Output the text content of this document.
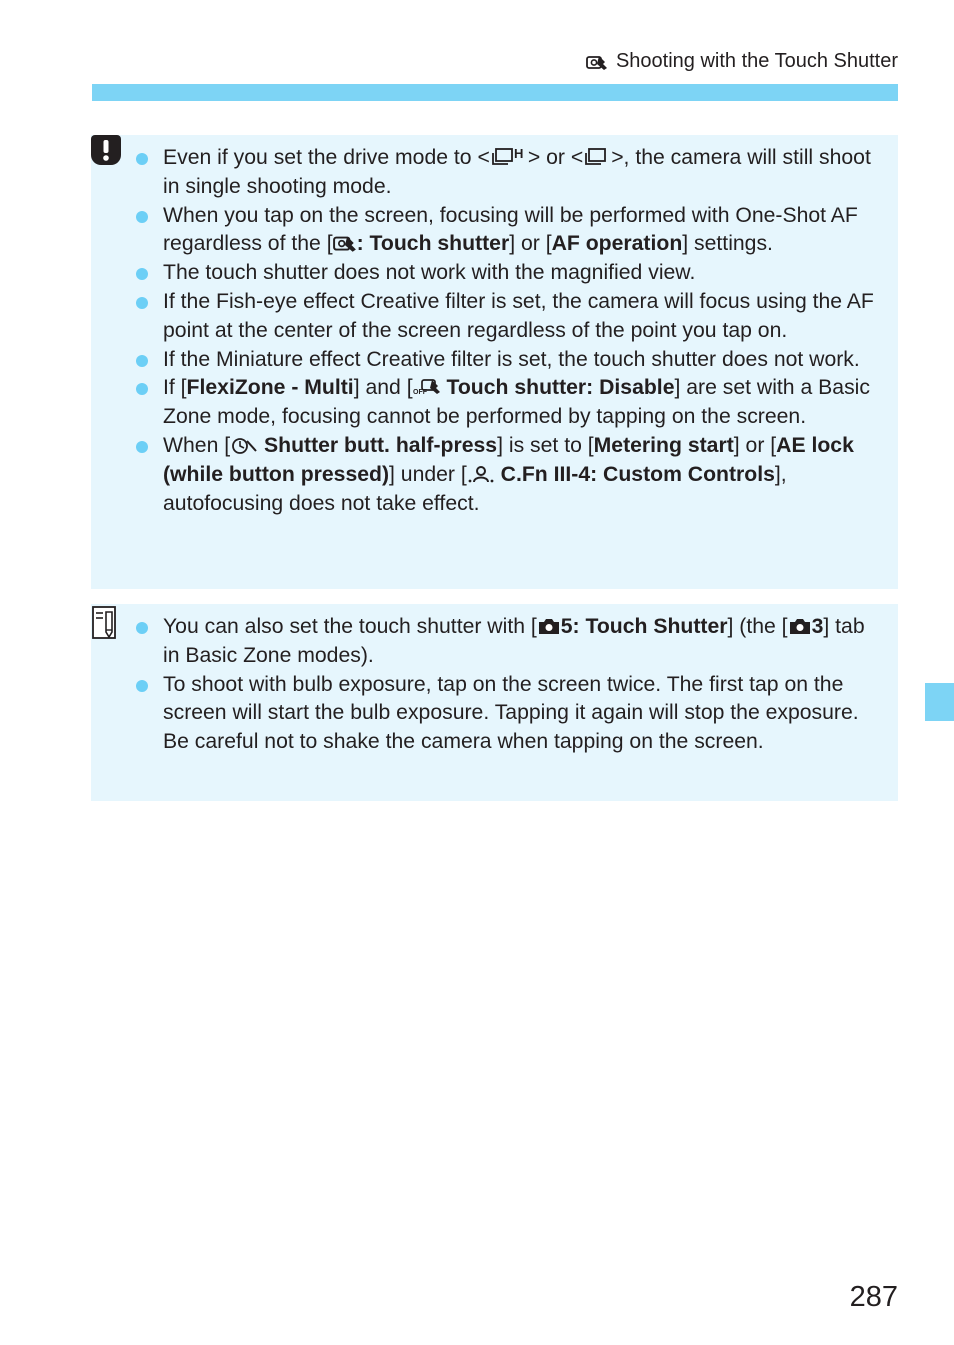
Shooting with the Touch Shutter
Even if you set the drive mode to < H > or < >, the camera will still shoot in single shooting mode.
When you tap on the screen, focusing will be performed with One-Shot AF regardless of the [ : Touch shutter] or [AF operation] settings.
The touch shutter does not work with the magnified view.
If the Fish-eye effect Creative filter is set, the camera will focus using the AF point at the center of the screen regardless of the point you tap on.
If the Miniature effect Creative filter is set, the touch shutter does not work.
If [FlexiZone - Multi] and [ OFF Touch shutter: Disable] are set with a Basic Zone mode, focusing cannot be performed by tapping on the screen.
When [ Shutter butt. half-press] is set to [Metering start] or [AE lock (while button pressed)] under [ C.Fn III-4: Custom Controls], autofocusing does not take effect.
You can also set the touch shutter with [ 5: Touch Shutter] (the [ 3] tab in Basic Zone modes).
To shoot with bulb exposure, tap on the screen twice. The first tap on the screen will start the bulb exposure. Tapping it again will stop the exposure. Be careful not to shake the camera when tapping on the screen.
287
